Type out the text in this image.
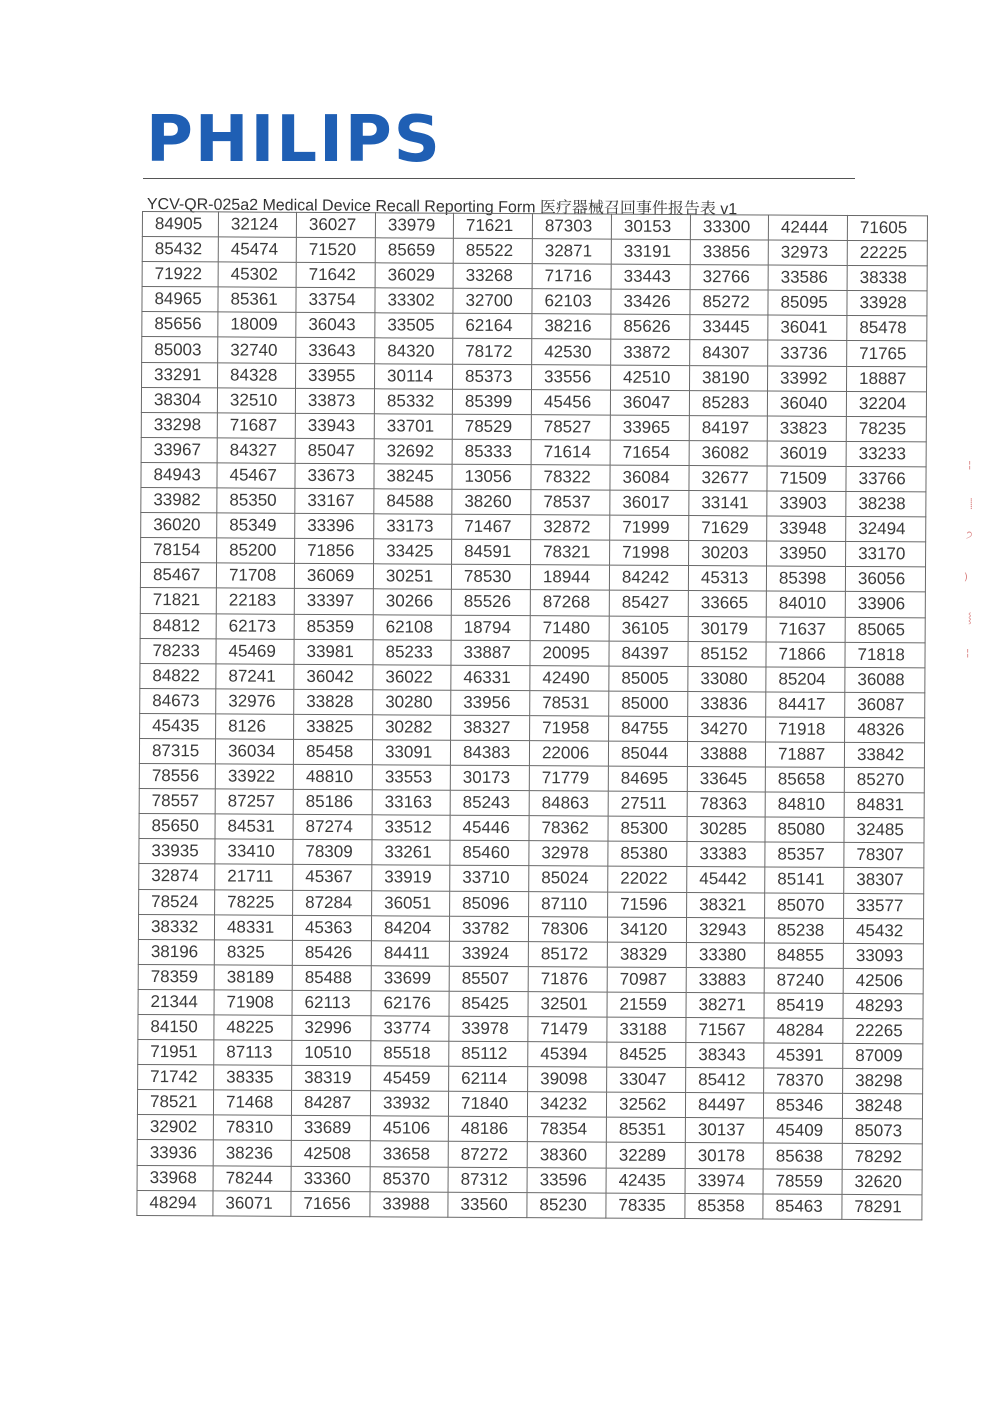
PHILIPS
YCV-QR-025a2 Medical Device Recall Reporting Form 医疗器械召回事件报告表 v1
84905	32124	36027	33979	71621	87303	30153	33300	42444	71605
85432	45474	71520	85659	85522	32871	33191	33856	32973	22225
71922	45302	71642	36029	33268	71716	33443	32766	33586	38338
84965	85361	33754	33302	32700	62103	33426	85272	85095	33928
85656	18009	36043	33505	62164	38216	85626	33445	36041	85478
85003	32740	33643	84320	78172	42530	33872	84307	33736	71765
33291	84328	33955	30114	85373	33556	42510	38190	33992	18887
38304	32510	33873	85332	85399	45456	36047	85283	36040	32204
33298	71687	33943	33701	78529	78527	33965	84197	33823	78235
33967	84327	85047	32692	85333	71614	71654	36082	36019	33233
84943	45467	33673	38245	13056	78322	36084	32677	71509	33766
33982	85350	33167	84588	38260	78537	36017	33141	33903	38238
36020	85349	33396	33173	71467	32872	71999	71629	33948	32494
78154	85200	71856	33425	84591	78321	71998	30203	33950	33170
85467	71708	36069	30251	78530	18944	84242	45313	85398	36056
71821	22183	33397	30266	85526	87268	85427	33665	84010	33906
84812	62173	85359	62108	18794	71480	36105	30179	71637	85065
78233	45469	33981	85233	33887	20095	84397	85152	71866	71818
84822	87241	36042	36022	46331	42490	85005	33080	85204	36088
84673	32976	33828	30280	33956	78531	85000	33836	84417	36087
45435	8126	33825	30282	38327	71958	84755	34270	71918	48326
87315	36034	85458	33091	84383	22006	85044	33888	71887	33842
78556	33922	48810	33553	30173	71779	84695	33645	85658	85270
78557	87257	85186	33163	85243	84863	27511	78363	84810	84831
85650	84531	87274	33512	45446	78362	85300	30285	85080	32485
33935	33410	78309	33261	85460	32978	85380	33383	85357	78307
32874	21711	45367	33919	33710	85024	22022	45442	85141	38307
78524	78225	87284	36051	85096	87110	71596	38321	85070	33577
38332	48331	45363	84204	33782	78306	34120	32943	85238	45432
38196	8325	85426	84411	33924	85172	38329	33380	84855	33093
78359	38189	85488	33699	85507	71876	70987	33883	87240	42506
21344	71908	62113	62176	85425	32501	21559	38271	85419	48293
84150	48225	32996	33774	33978	71479	33188	71567	48284	22265
71951	87113	10510	85518	85112	45394	84525	38343	45391	87009
71742	38335	38319	45459	62114	39098	33047	85412	78370	38298
78521	71468	84287	33932	71840	34232	32562	84497	85346	38248
32902	78310	33689	45106	48186	78354	85351	30137	45409	85073
33936	38236	42508	33658	87272	38360	32289	30178	85638	78292
33968	78244	33360	85370	87312	33596	42435	33974	78559	32620
48294	36071	71656	33988	33560	85230	78335	85358	85463	78291
¦
⸽
੭
)
⸾
¦
